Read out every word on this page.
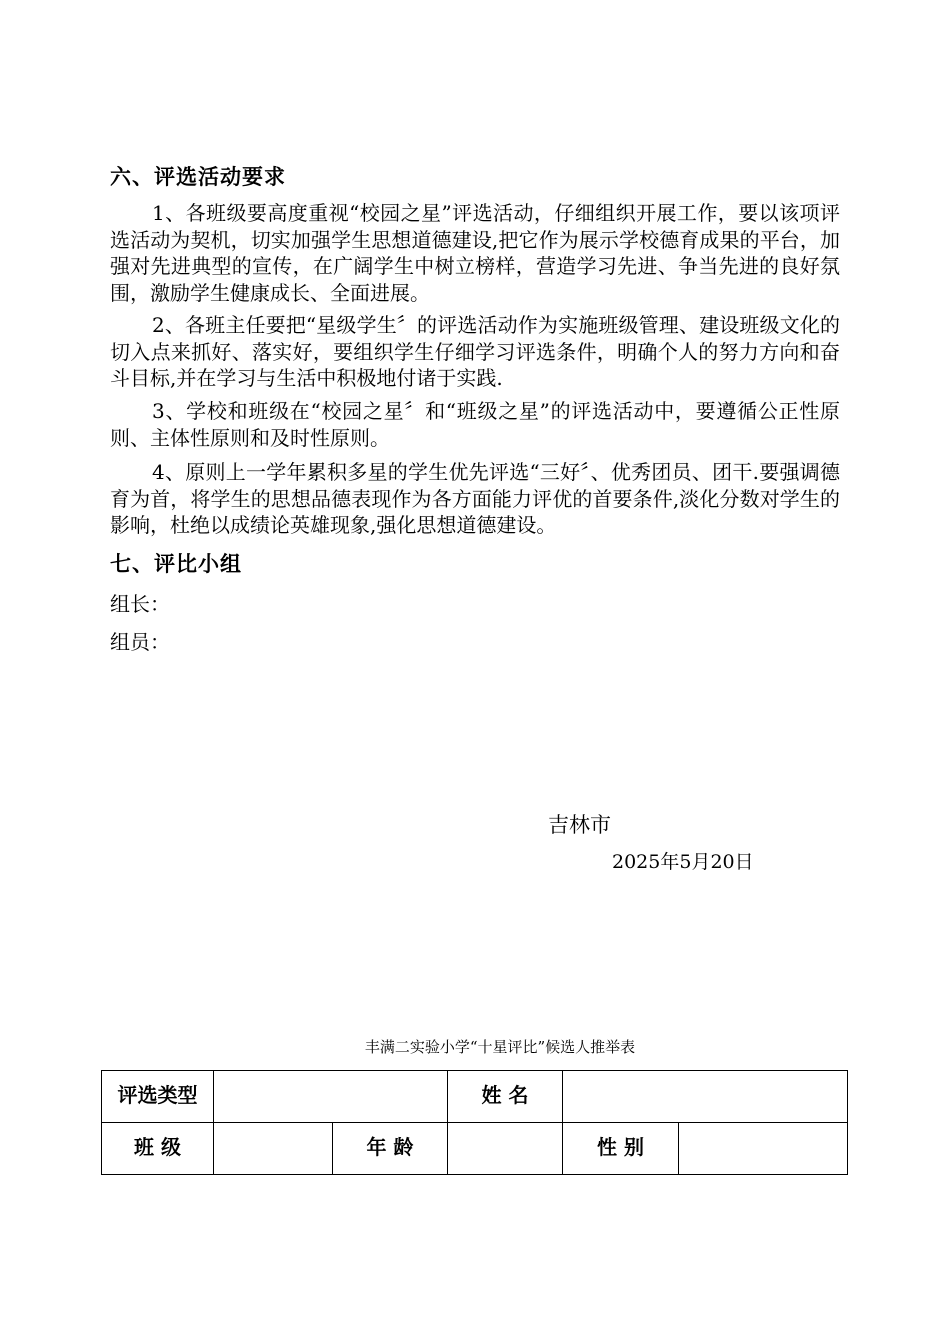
六、评选活动要求

1、各班级要高度重视“校园之星”评选活动，仔细组织开展工作，要以该项评选活动为契机，切实加强学生思想道德建设,把它作为展示学校德育成果的平台，加强对先进典型的宣传，在广阔学生中树立榜样，营造学习先进、争当先进的良好氛围，激励学生健康成长、全面进展。

2、各班主任要把“星级学生〞的评选活动作为实施班级管理、建设班级文化的切入点来抓好、落实好，要组织学生仔细学习评选条件，明确个人的努力方向和奋斗目标,并在学习与生活中积极地付诸于实践.

3、学校和班级在“校园之星〞和“班级之星”的评选活动中，要遵循公正性原则、主体性原则和及时性原则。

4、原则上一学年累积多星的学生优先评选“三好〞、优秀团员、团干.要强调德育为首，将学生的思想品德表现作为各方面能力评优的首要条件,淡化分数对学生的影响，杜绝以成绩论英雄现象,强化思想道德建设。

七、评比小组
组长：
组员：
吉林市
2025年5月20日
丰满二实验小学“十星评比”候选人推举表
评选类型			姓 名		
班 级		年 龄		性 别	
